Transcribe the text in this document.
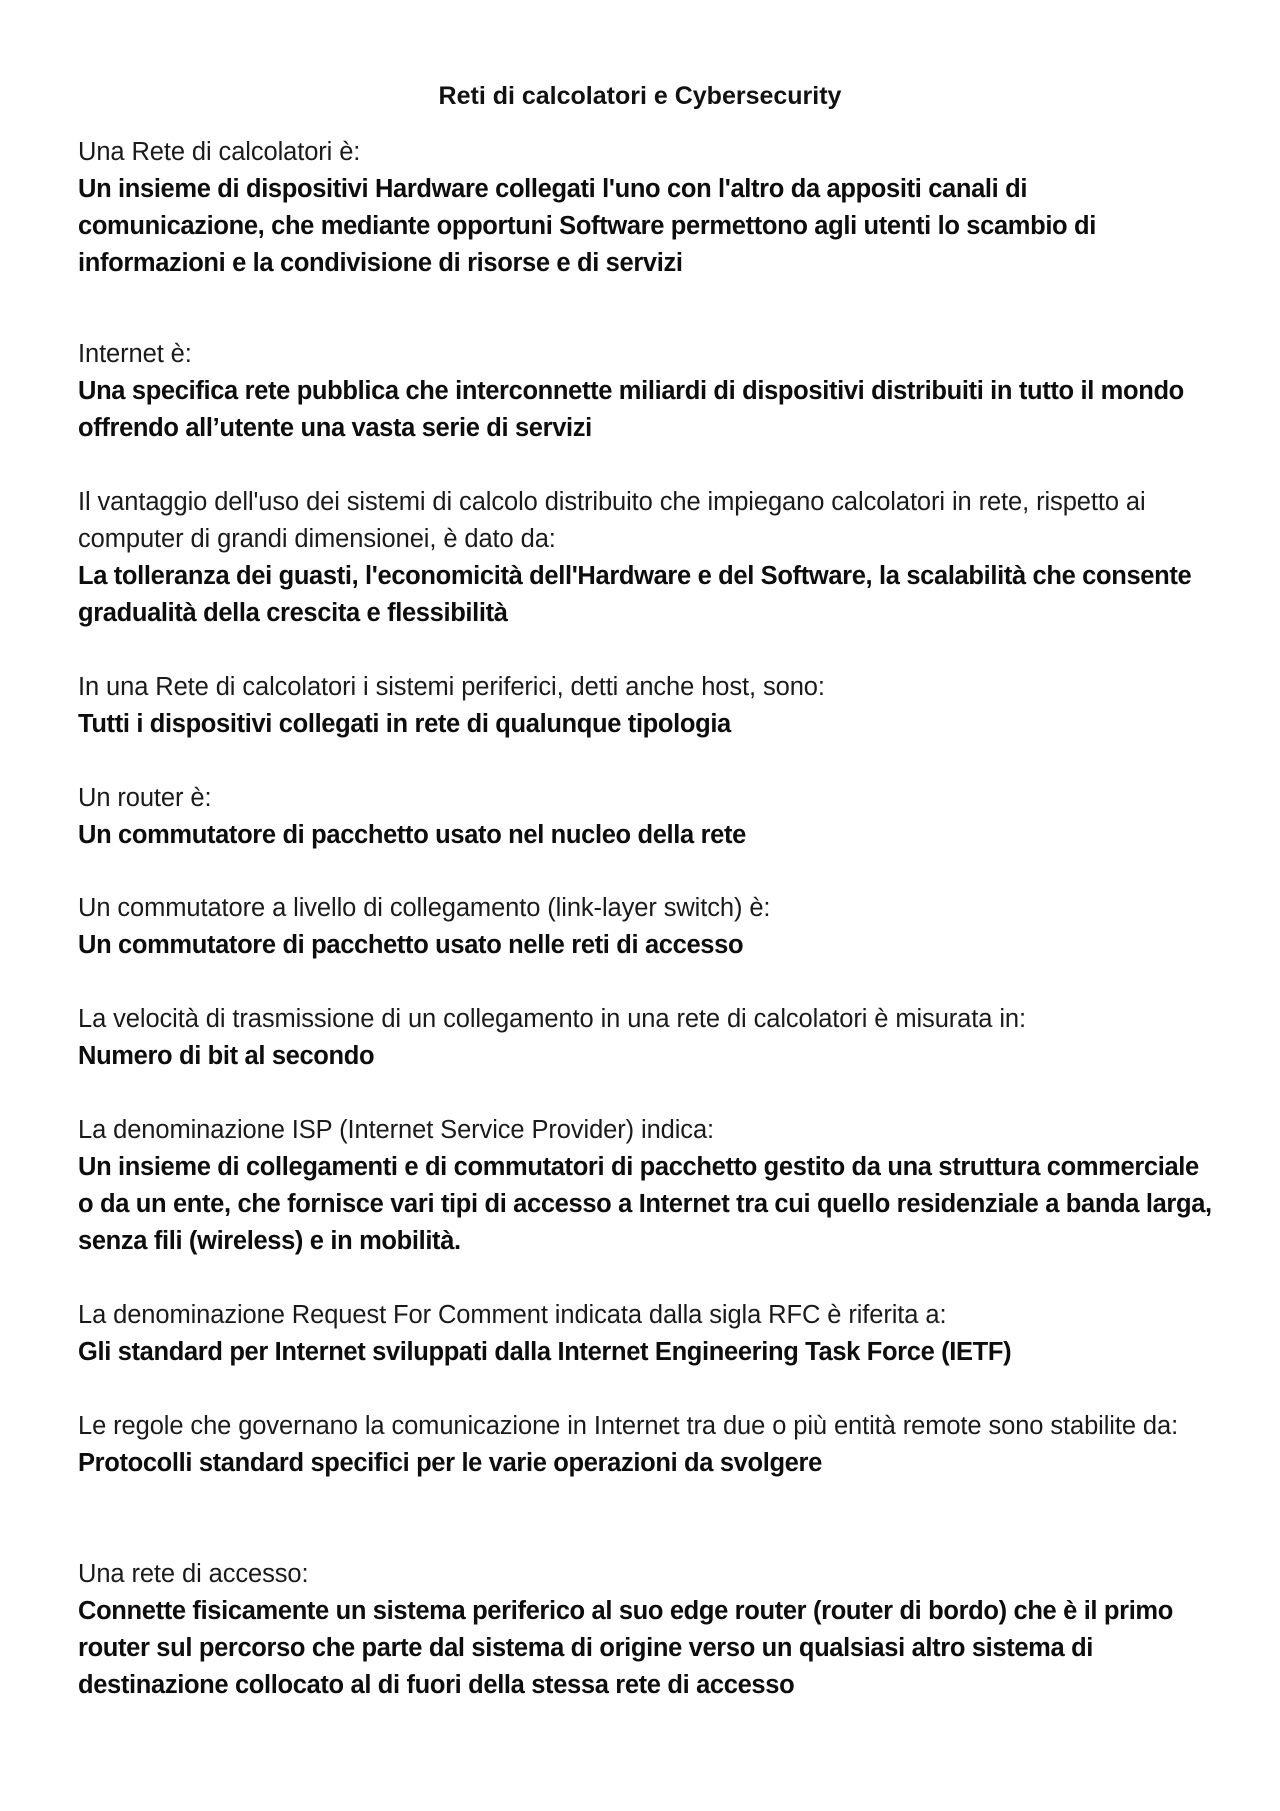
Reti di calcolatori e Cybersecurity

Una Rete di calcolatori è:

Un insieme di dispositivi Hardware collegati l'uno con l'altro da appositi canali di comunicazione, che mediante opportuni Software permettono agli utenti lo scambio di informazioni e la condivisione di risorse e di servizi

Internet è:

Una specifica rete pubblica che interconnette miliardi di dispositivi distribuiti in tutto il mondo offrendo all’utente una vasta serie di servizi

Il vantaggio dell'uso dei sistemi di calcolo distribuito che impiegano calcolatori in rete, rispetto ai computer di grandi dimensionei, è dato da:

La tolleranza dei guasti, l'economicità dell'Hardware e del Software, la scalabilità che consente gradualità della crescita e flessibilità

In una Rete di calcolatori i sistemi periferici, detti anche host, sono:

Tutti i dispositivi collegati in rete di qualunque tipologia

Un router è:

Un commutatore di pacchetto usato nel nucleo della rete

Un commutatore a livello di collegamento (link-layer switch) è:

Un commutatore di pacchetto usato nelle reti di accesso

La velocità di trasmissione di un collegamento in una rete di calcolatori è misurata in:

Numero di bit al secondo

La denominazione ISP (Internet Service Provider) indica:

Un insieme di collegamenti e di commutatori di pacchetto gestito da una struttura commerciale o da un ente, che fornisce vari tipi di accesso a Internet tra cui quello residenziale a banda larga, senza fili (wireless) e in mobilità.

La denominazione Request For Comment indicata dalla sigla RFC è riferita a:

Gli standard per Internet sviluppati dalla Internet Engineering Task Force (IETF)

Le regole che governano la comunicazione in Internet tra due o più entità remote sono stabilite da:

Protocolli standard specifici per le varie operazioni da svolgere

Una rete di accesso:

Connette fisicamente un sistema periferico al suo edge router (router di bordo) che è il primo router sul percorso che parte dal sistema di origine verso un qualsiasi altro sistema di destinazione collocato al di fuori della stessa rete di accesso
